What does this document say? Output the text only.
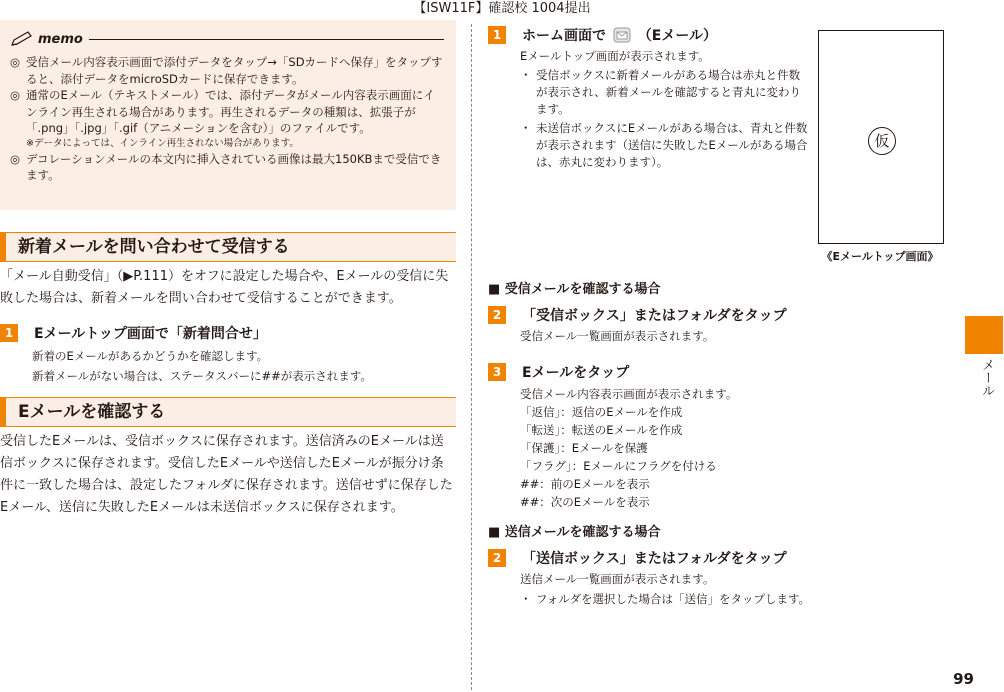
【ISW11F】確認校 1004提出
memo
◎ 受信メール内容表示画面で添付データをタップ→「SDカードへ保存」をタップすると、添付データをmicroSDカードに保存できます。
◎ 通常のEメール（テキストメール）では、添付データがメール内容表示画面にインライン再生される場合があります。再生されるデータの種類は、拡張子が「.png」「.jpg」「.gif（アニメーションを含む）」のファイルです。
※データによっては、インライン再生されない場合があります。
◎ デコレーションメールの本文内に挿入されている画像は最大150KBまで受信できます。
新着メールを問い合わせて受信する
「メール自動受信」（▶P.111）をオフに設定した場合や、Eメールの受信に失敗した場合は、新着メールを問い合わせて受信することができます。
1	Eメールトップ画面で「新着問合せ」
新着のEメールがあるかどうかを確認します。
新着メールがない場合は、ステータスバーに##が表示されます。
Eメールを確認する
受信したEメールは、受信ボックスに保存されます。送信済みのEメールは送信ボックスに保存されます。受信したEメールや送信したEメールが振分け条件に一致した場合は、設定したフォルダに保存されます。送信せずに保存したEメール、送信に失敗したEメールは未送信ボックスに保存されます。
1	ホーム画面で （Eメール）
Eメールトップ画面が表示されます。
・ 受信ボックスに新着メールがある場合は赤丸と件数が表示され、新着メールを確認すると青丸に変わります。
・ 未送信ボックスにEメールがある場合は、青丸と件数が表示されます（送信に失敗したEメールがある場合は、赤丸に変わります）。
■ 受信メールを確認する場合
2	「受信ボックス」またはフォルダをタップ
受信メール一覧画面が表示されます。
3	Eメールをタップ
受信メール内容表示画面が表示されます。
「返信」：返信のEメールを作成
「転送」：転送のEメールを作成
「保護」：Eメールを保護
「フラグ」：Eメールにフラグを付ける
##：前のEメールを表示
##：次のEメールを表示
■ 送信メールを確認する場合
2	「送信ボックス」またはフォルダをタップ
送信メール一覧画面が表示されます。
・ フォルダを選択した場合は「送信」をタップします。
仮
《Eメールトップ画面》
メール
99
